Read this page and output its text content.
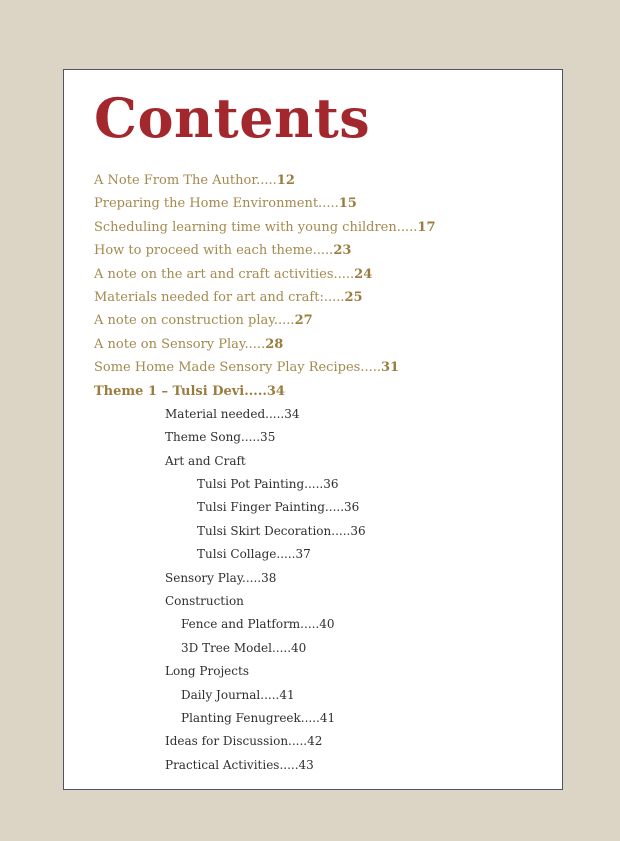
Contents
A Note From The Author.....12
Preparing the Home Environment.....15
Scheduling learning time with young children.....17
How to proceed with each theme.....23
A note on the art and craft activities.....24
Materials needed for art and craft:.....25
A note on construction play.....27
A note on Sensory Play.....28
Some Home Made Sensory Play Recipes.....31
Theme 1 – Tulsi Devi.....34
Material needed.....34
Theme Song.....35
Art and Craft
Tulsi Pot Painting.....36
Tulsi Finger Painting.....36
Tulsi Skirt Decoration.....36
Tulsi Collage.....37
Sensory Play.....38
Construction
Fence and Platform.....40
3D Tree Model.....40
Long Projects
Daily Journal.....41
Planting Fenugreek.....41
Ideas for Discussion.....42
Practical Activities.....43
